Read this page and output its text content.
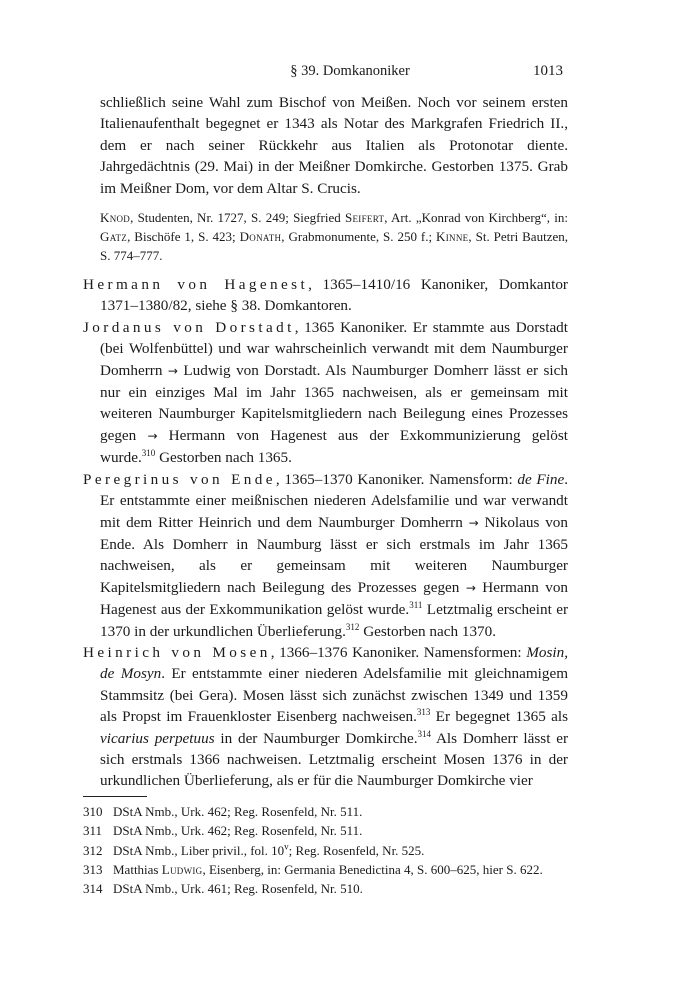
§ 39. Domkanoniker	1013

schließlich seine Wahl zum Bischof von Meißen. Noch vor seinem ersten Italienaufenthalt begegnet er 1343 als Notar des Markgrafen Friedrich II., dem er nach seiner Rückkehr aus Italien als Protonotar diente. Jahrgedächtnis (29. Mai) in der Meißner Domkirche. Gestorben 1375. Grab im Meißner Dom, vor dem Altar S. Crucis.

Knod, Studenten, Nr. 1727, S. 249; Siegfried Seifert, Art. „Konrad von Kirchberg“, in: Gatz, Bischöfe 1, S. 423; Donath, Grabmonumente, S. 250 f.; Kinne, St. Petri Bautzen, S. 774–777.

Hermann von Hagenest, 1365–1410/16 Kanoniker, Domkantor 1371–1380/82, siehe § 38. Domkantoren.

Jordanus von Dorstadt, 1365 Kanoniker. Er stammte aus Dorstadt (bei Wolfenbüttel) und war wahrscheinlich verwandt mit dem Naumburger Domherrn → Ludwig von Dorstadt. Als Naumburger Domherr lässt er sich nur ein einziges Mal im Jahr 1365 nachweisen, als er gemeinsam mit weiteren Naumburger Kapitelsmitgliedern nach Beilegung eines Prozesses gegen → Hermann von Hagenest aus der Exkommunizierung gelöst wurde.$^{310}$ Gestorben nach 1365.

Peregrinus von Ende, 1365–1370 Kanoniker. Namensform: de Fine. Er entstammte einer meißnischen niederen Adelsfamilie und war verwandt mit dem Ritter Heinrich und dem Naumburger Domherrn → Nikolaus von Ende. Als Domherr in Naumburg lässt er sich erstmals im Jahr 1365 nachweisen, als er gemeinsam mit weiteren Naumburger Kapitelsmitgliedern nach Beilegung des Prozesses gegen → Hermann von Hagenest aus der Exkommunikation gelöst wurde.$^{311}$ Letztmalig erscheint er 1370 in der urkundlichen Überlieferung.$^{312}$ Gestorben nach 1370.

Heinrich von Mosen, 1366–1376 Kanoniker. Namensformen: Mosin, de Mosyn. Er entstammte einer niederen Adelsfamilie mit gleichnamigem Stammsitz (bei Gera). Mosen lässt sich zunächst zwischen 1349 und 1359 als Propst im Frauenkloster Eisenberg nachweisen.$^{313}$ Er begegnet 1365 als vicarius perpetuus in der Naumburger Domkirche.$^{314}$ Als Domherr lässt er sich erstmals 1366 nachweisen. Letztmalig erscheint Mosen 1376 in der urkundlichen Überlieferung, als er für die Naumburger Domkirche vier

310 DStA Nmb., Urk. 462; Reg. Rosenfeld, Nr. 511.
311 DStA Nmb., Urk. 462; Reg. Rosenfeld, Nr. 511.
312 DStA Nmb., Liber privil., fol. 10$^v$; Reg. Rosenfeld, Nr. 525.
313 Matthias Ludwig, Eisenberg, in: Germania Benedictina 4, S. 600–625, hier S. 622.
314 DStA Nmb., Urk. 461; Reg. Rosenfeld, Nr. 510.
